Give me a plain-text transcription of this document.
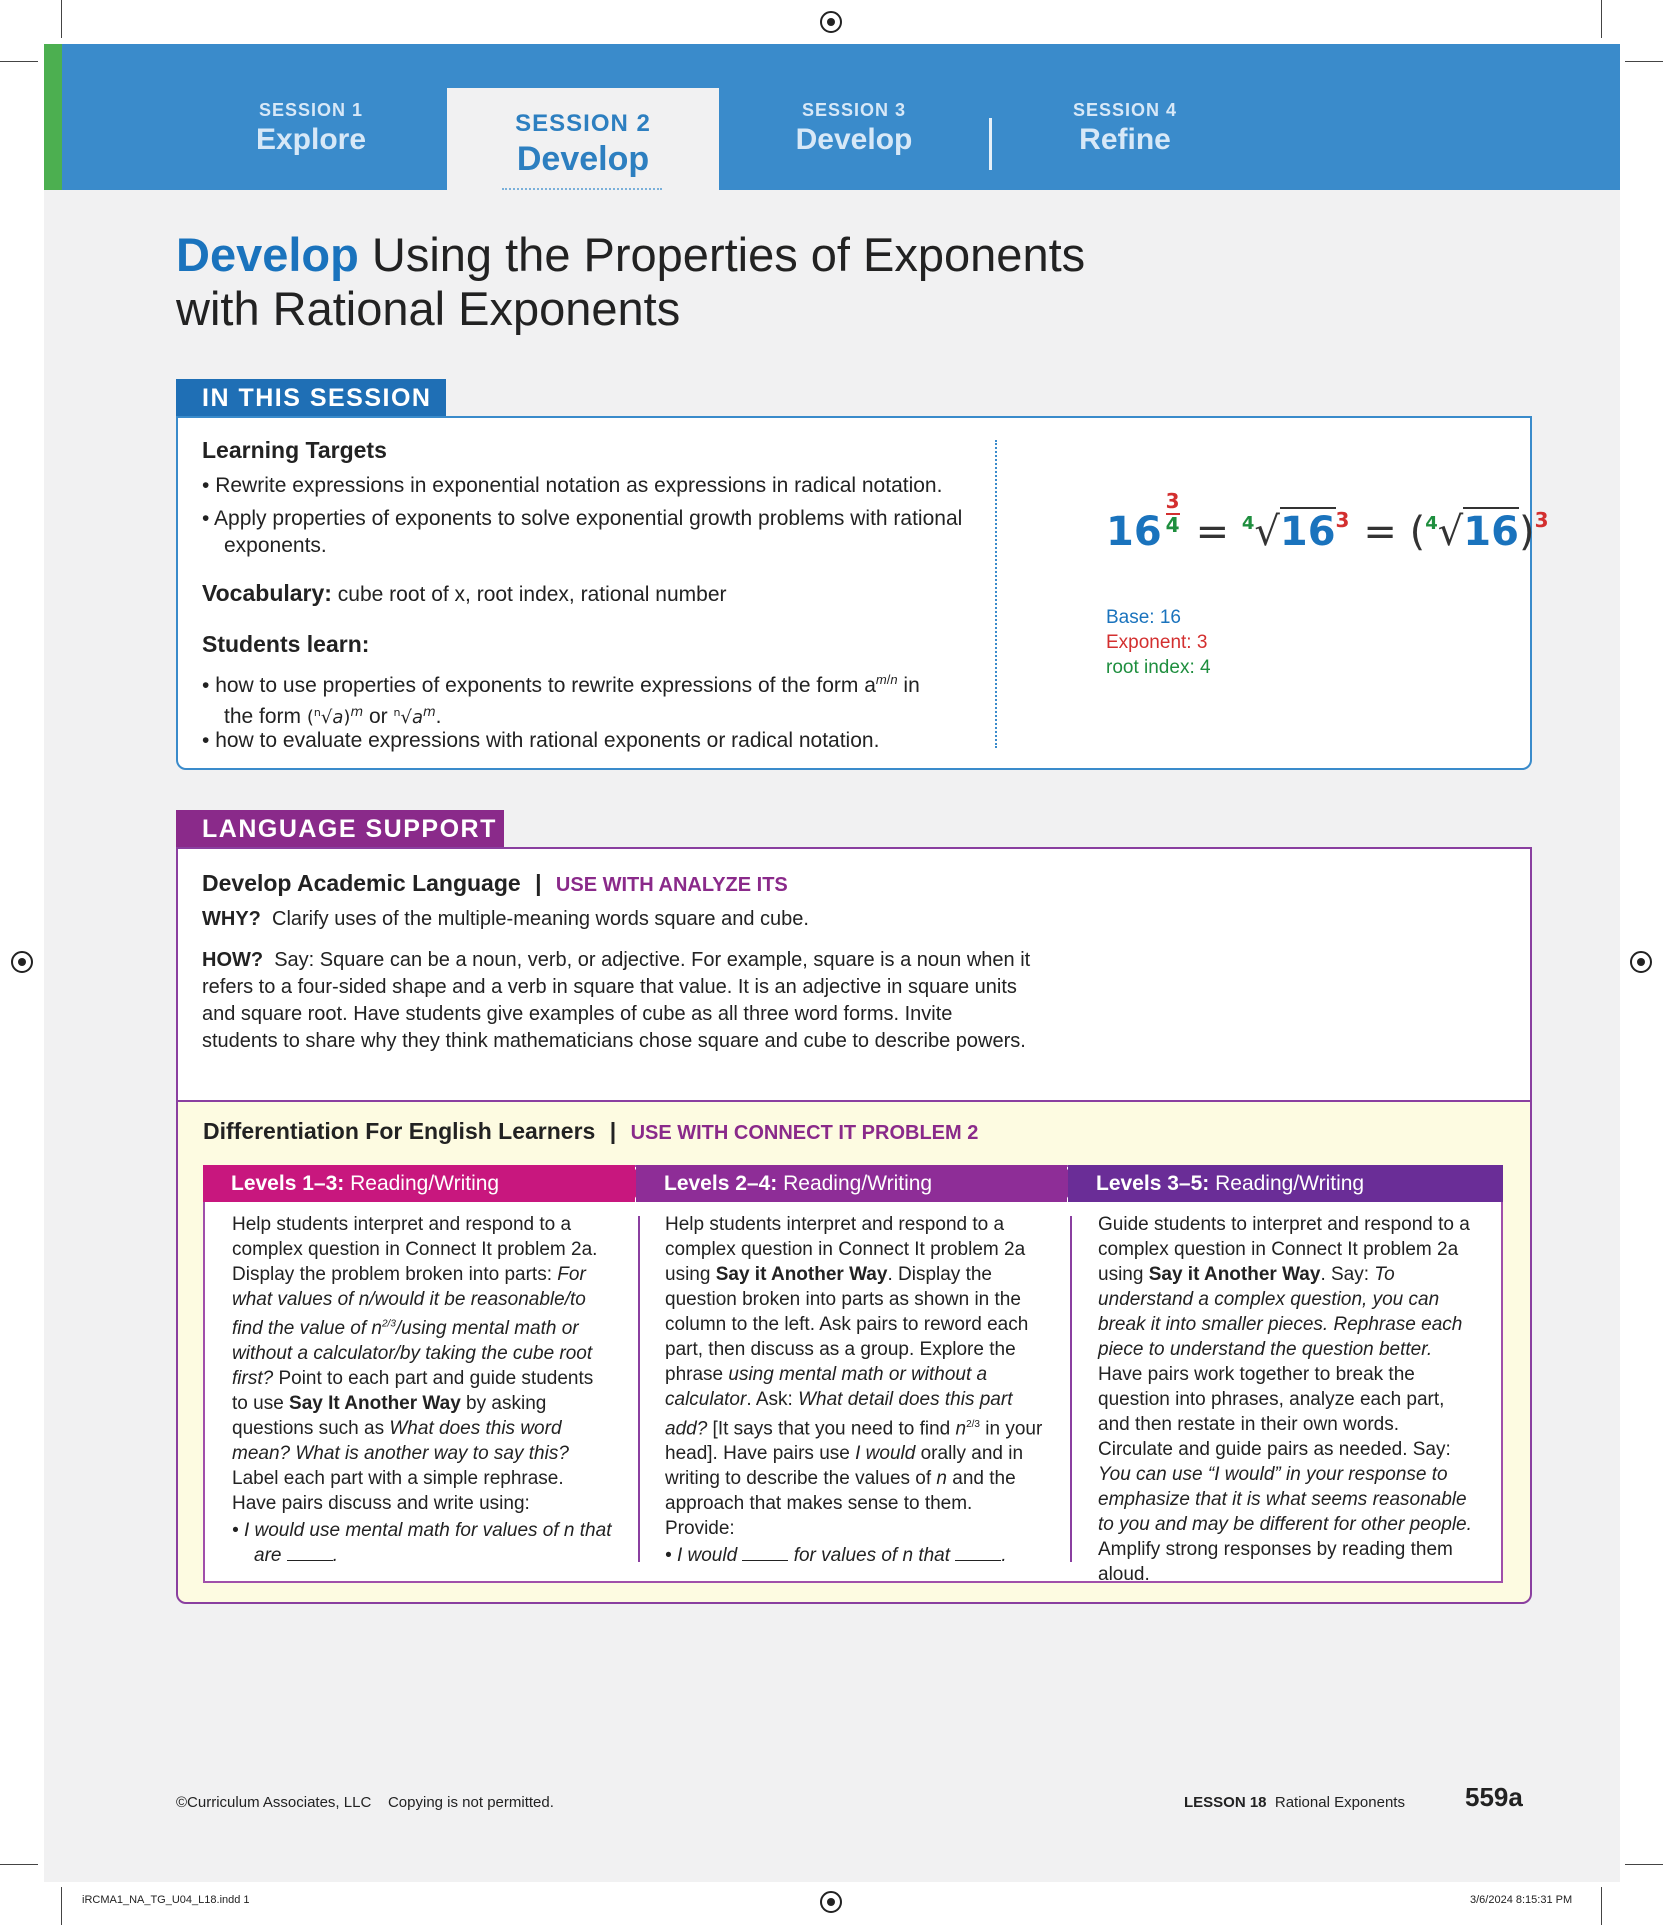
SESSION 1
Explore	SESSION 2
Develop
SESSION 3
Develop
SESSION 4
Refine
Develop Using the Properties of Exponents
with Rational Exponents
IN THIS SESSION
Learning Targets
• Rewrite expressions in exponential notation as expressions in radical notation.
• Apply properties of exponents to solve exponential growth problems with rational exponents.
Vocabulary: cube root of x, root index, rational number
Students learn:
• how to use properties of exponents to rewrite expressions of the form $a^{m/n}$ in
the form $(^n√a)^m$ or $^n√a^m$.
• how to evaluate expressions with rational exponents or radical notation.
$16 \frac{3}{4} = ^4√16^3 = (^4√16)^3$
Base: 16
Exponent: 3
root index: 4
LANGUAGE SUPPORT
Develop Academic Language | USE WITH ANALYZE ITS
WHY? Clarify uses of the multiple-meaning words square and cube.
HOW? Say: Square can be a noun, verb, or adjective. For example, square is a noun when it refers to a four-sided shape and a verb in square that value. It is an adjective in square units and square root. Have students give examples of cube as all three word forms. Invite students to share why they think mathematicians chose square and cube to describe powers.
Differentiation For English Learners | USE WITH CONNECT IT PROBLEM 2
Levels 1–3: Reading/Writing	Levels 2–4: Reading/Writing	Levels 3–5: Reading/Writing
Help students interpret and respond to a complex question in Connect It problem 2a. Display the problem broken into parts: For what values of n/would it be reasonable/to find the value of $n^{2/3}$/using mental math or without a calculator/by taking the cube root first? Point to each part and guide students to use Say It Another Way by asking questions such as What does this word mean? What is another way to say this? Label each part with a simple rephrase. Have pairs discuss and write using:
• I would use mental math for values of n that are	.
Help students interpret and respond to a complex question in Connect It problem 2a using Say it Another Way. Display the question broken into parts as shown in the column to the left. Ask pairs to reword each part, then discuss as a group. Explore the phrase using mental math or without a calculator. Ask: What detail does this part add? [It says that you need to find $n^{2/3}$ in your head]. Have pairs use I would orally and in writing to describe the values of n and the approach that makes sense to them. Provide:
• I would	for values of n that	.
Guide students to interpret and respond to a complex question in Connect It problem 2a using Say it Another Way. Say: To understand a complex question, you can break it into smaller pieces. Rephrase each piece to understand the question better. Have pairs work together to break the question into phrases, analyze each part, and then restate in their own words. Circulate and guide pairs as needed. Say: You can use “I would” in your response to emphasize that it is what seems reasonable to you and may be different for other people. Amplify strong responses by reading them aloud.
©Curriculum Associates, LLC Copying is not permitted.	LESSON 18 Rational Exponents 559a
iRCMA1_NA_TG_U04_L18.indd 1	3/6/2024 8:15:31 PM
